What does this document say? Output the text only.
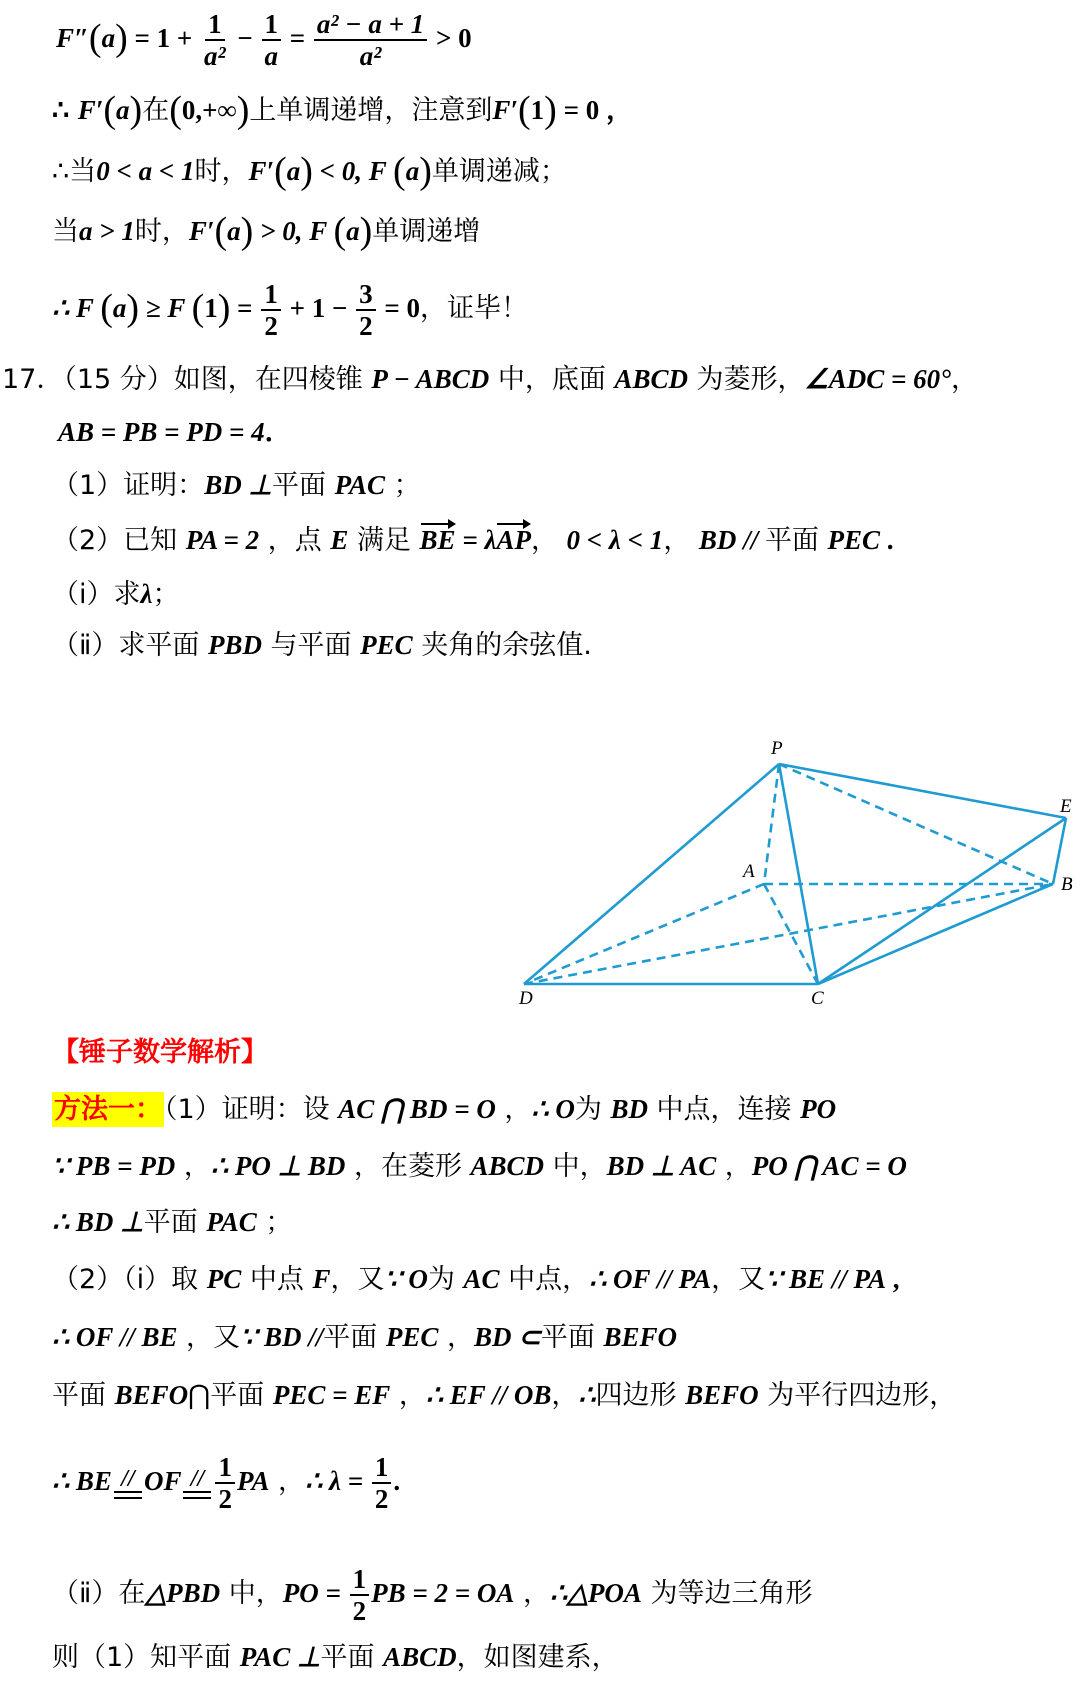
$F''(a) = 1 + \frac{1}{\text{a²}} - \frac{1}{a} = \frac{\text{a² − a + 1}}{\text{a²}} > 0$
∴ F′(a)在(0,+∞)上单调递增，注意到F′(1) = 0 ，
∴当0 < a < 1时，F′(a) < 0, F (a)单调递减；
当a > 1时，F′(a) > 0, F (a)单调递增
∴ F (a) ≥ F $(1) = \frac{1}{2} + 1 - \frac{3}{2} = 0$，证毕！
17．（15 分）如图，在四棱锥 P − ABCD 中，底面 ABCD 为菱形，∠ADC = 60°，
AB = PB = PD = 4．
（1）证明：BD ⊥平面 PAC ；
（2）已知 PA = 2 ，点 E 满足 BE = λAP， 0 < λ < 1， BD // 平面 PEC .
（ⅰ）求λ；
（ⅱ）求平面 PBD 与平面 PEC 夹角的余弦值.
P
E
A
B
D	C
【锤子数学解析】
方法一：（1）证明：设 AC ⋂ BD = O ，∴ O为 BD 中点，连接 PO
∵ PB = PD ，∴ PO ⊥ BD ，在菱形 ABCD 中，BD ⊥ AC ，PO ⋂ AC = O
∴ BD ⊥平面 PAC ；
（2）（ⅰ）取 PC 中点 F，又∵ O为 AC 中点，∴ OF // PA，又∵ BE // PA ,
∴ OF // BE ，又∵ BD //平面 PEC ，BD ⊂平面 BEFO
平面 BEFO⋂平面 PEC = EF ，∴ EF // OB，∴四边形 BEFO 为平行四边形，
∴ BE // OF // $\frac{1}{2}$ PA ，∴ $\lambda = \frac{1}{2}$ .
（ⅱ）在△PBD 中，PO = $\frac{1}{2}$ PB = 2 = OA ，∴△POA 为等边三角形
则（1）知平面 PAC ⊥平面 ABCD，如图建系，
